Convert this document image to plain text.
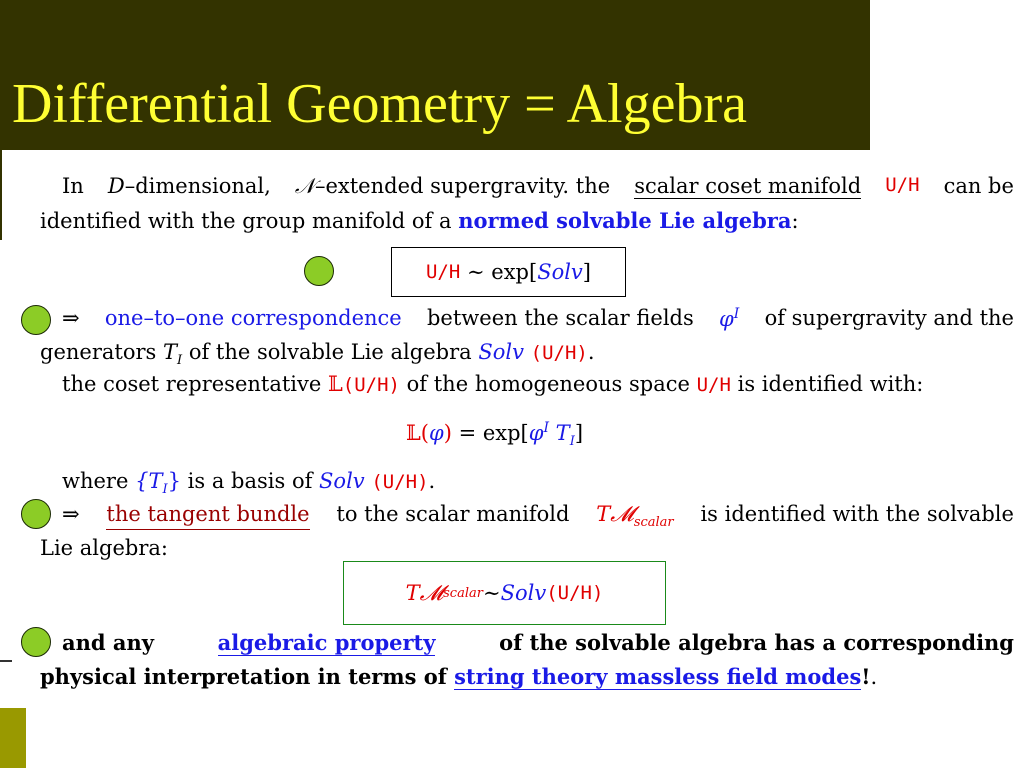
Differential Geometry = Algebra
In D–dimensional, 𝒩–extended supergravity. the scalar coset manifold U/H can be
identified with the group manifold of a normed solvable Lie algebra:
U/H
∼ exp[ Solv ]
⇒ one–to–one correspondence between the scalar fields $\varphi^I$ of supergravity and the
generators $T_I$ of the solvable Lie algebra Solv (U/H).
the coset representative 𝕃(U/H) of the homogeneous space U/H is identified with:
𝕃(φ) = $\exp[\varphi^I$ $T_I$]
where $\{T_I\}$ is a basis of Solv (U/H).
⇒ the tangent bundle to the scalar manifold T𝓜$_{scalar}$ is identified with the solvable
Lie algebra:
T𝓜 scalar ∼ Solv (U/H)
and any	algebraic property	of the solvable algebra has a corresponding
physical interpretation in terms of string theory massless field modes!.
